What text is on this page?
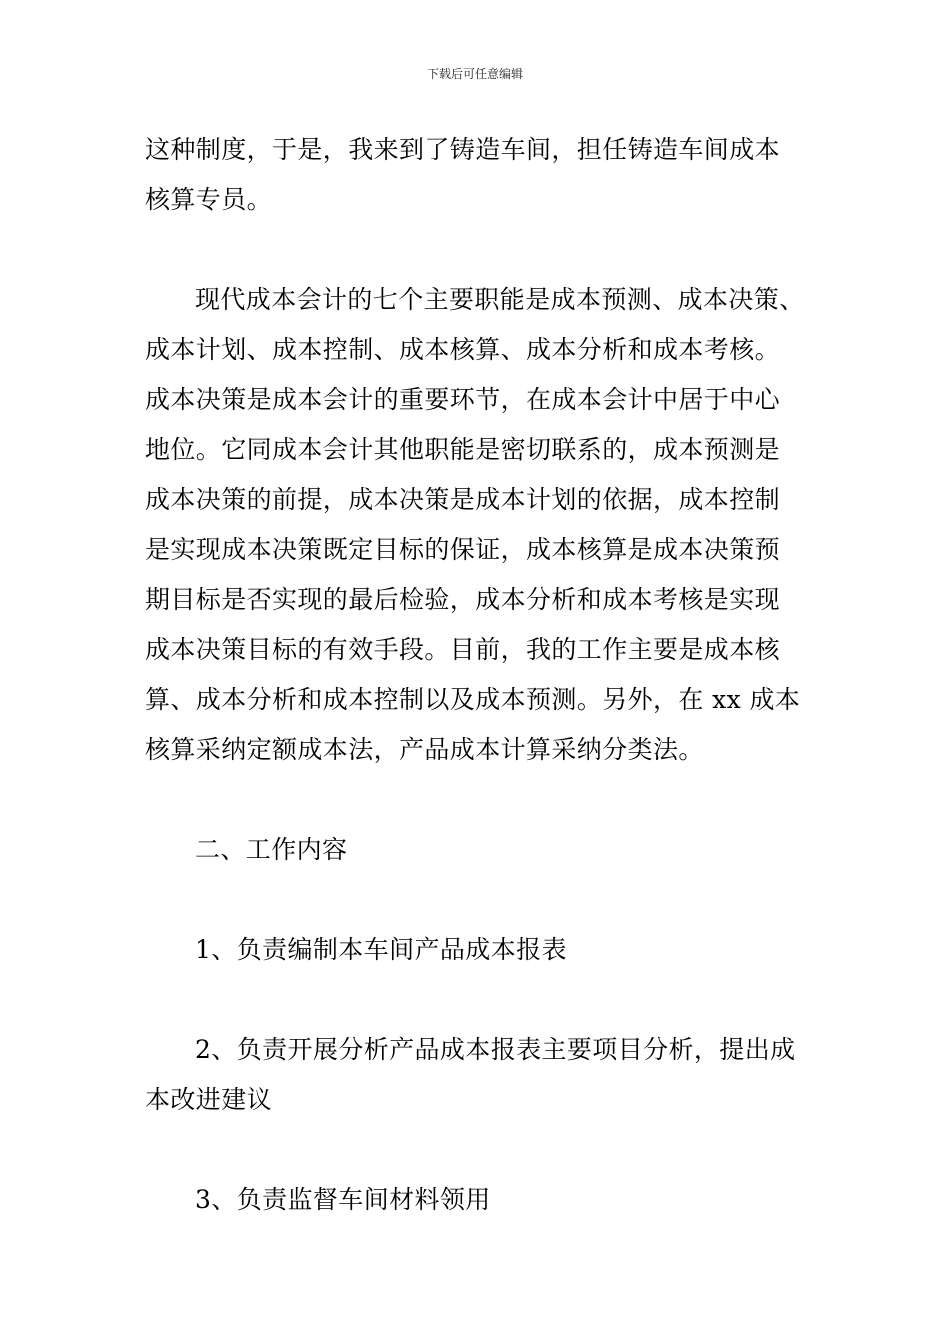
下载后可任意编辑

这种制度，于是，我来到了铸造车间，担任铸造车间成本
核算专员。

现代成本会计的七个主要职能是成本预测、成本决策、
成本计划、成本控制、成本核算、成本分析和成本考核。
成本决策是成本会计的重要环节，在成本会计中居于中心
地位。它同成本会计其他职能是密切联系的，成本预测是
成本决策的前提，成本决策是成本计划的依据，成本控制
是实现成本决策既定目标的保证，成本核算是成本决策预
期目标是否实现的最后检验，成本分析和成本考核是实现
成本决策目标的有效手段。目前，我的工作主要是成本核
算、成本分析和成本控制以及成本预测。另外，在 xx 成本
核算采纳定额成本法，产品成本计算采纳分类法。

二、工作内容

1、负责编制本车间产品成本报表

2、负责开展分析产品成本报表主要项目分析，提出成
本改进建议

3、负责监督车间材料领用
